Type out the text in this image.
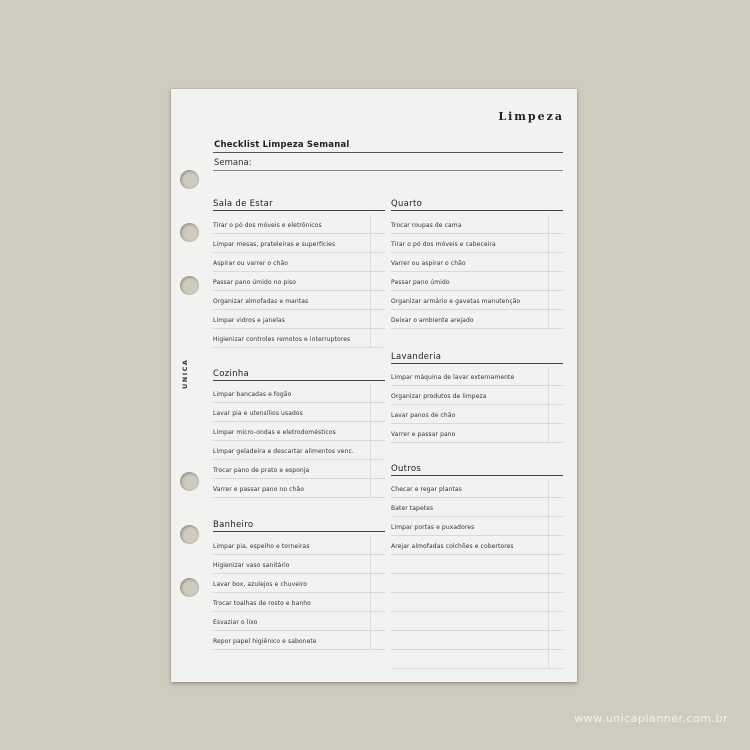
Limpeza
Checklist Limpeza Semanal
Semana:
UNICA
Sala de Estar
Tirar o pó dos móveis e eletrônicos
Limpar mesas, prateleiras e superfícies
Aspirar ou varrer o chão
Passar pano úmido no piso
Organizar almofadas e mantas
Limpar vidros e janelas
Higienizar controles remotos e interruptores
Cozinha
Limpar bancadas e fogão
Lavar pia e utensílios usados
Limpar micro-ondas e eletrodomésticos
Limpar geladeira e descartar alimentos venc.
Trocar pano de prato e esponja
Varrer e passar pano no chão
Banheiro
Limpar pia, espelho e torneiras
Higienizar vaso sanitário
Lavar box, azulejos e chuveiro
Trocar toalhas de rosto e banho
Esvaziar o lixo
Repor papel higiênico e sabonete
Quarto
Trocar roupas de cama
Tirar o pó dos móveis e cabeceira
Varrer ou aspirar o chão
Passar pano úmido
Organizar armário e gavetas manutenção
Deixar o ambiente arejado
Lavanderia
Limpar máquina de lavar externamente
Organizar produtos de limpeza
Lavar panos de chão
Varrer e passar pano
Outros
Checar e regar plantas
Bater tapetes
Limpar portas e puxadores
Arejar almofadas colchões e cobertores
www.unicaplanner.com.br
